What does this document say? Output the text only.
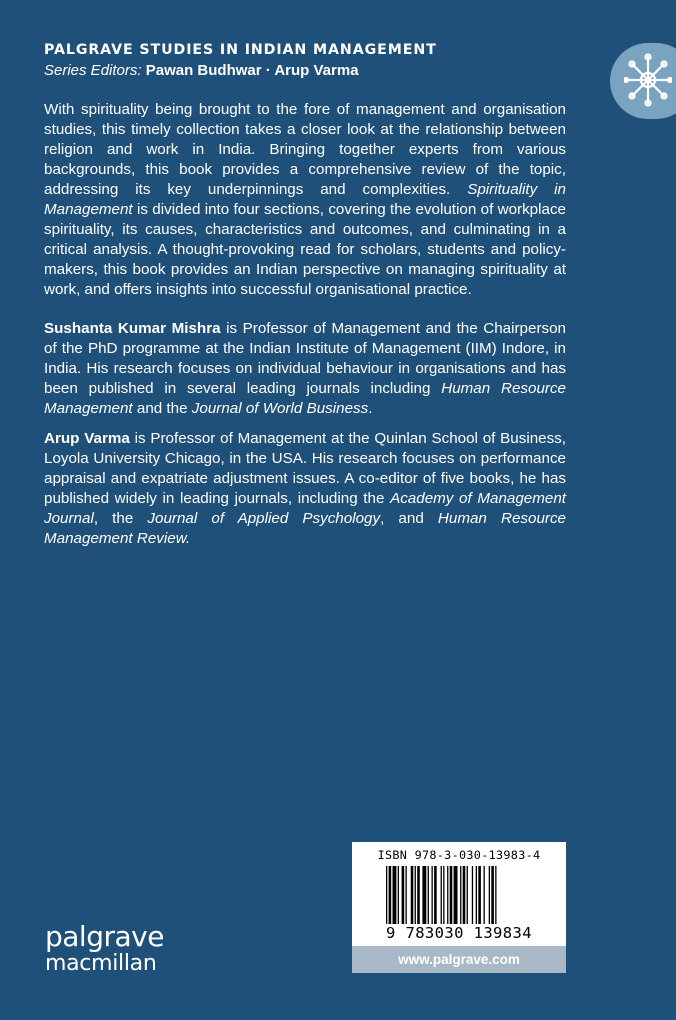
PALGRAVE STUDIES IN INDIAN MANAGEMENT
Series Editors: Pawan Budhwar · Arup Varma
With spirituality being brought to the fore of management and organisation studies, this timely collection takes a closer look at the relationship between religion and work in India. Bringing together experts from various backgrounds, this book provides a comprehensive review of the topic, addressing its key underpinnings and complexities. Spirituality in Management is divided into four sections, covering the evolution of workplace spirituality, its causes, characteristics and outcomes, and culminating in a critical analysis. A thought-provoking read for scholars, students and policy-makers, this book provides an Indian perspective on managing spirituality at work, and offers insights into successful organisational practice.
Sushanta Kumar Mishra is Professor of Management and the Chairperson of the PhD programme at the Indian Institute of Management (IIM) Indore, in India. His research focuses on individual behaviour in organisations and has been published in several leading journals including Human Resource Management and the Journal of World Business.
Arup Varma is Professor of Management at the Quinlan School of Business, Loyola University Chicago, in the USA. His research focuses on performance appraisal and expatriate adjustment issues. A co-editor of five books, he has published widely in leading journals, including the Academy of Management Journal, the Journal of Applied Psychology, and Human Resource Management Review.
palgrave
macmillan
ISBN 978-3-030-13983-4
9 783030 139834
www.palgrave.com
